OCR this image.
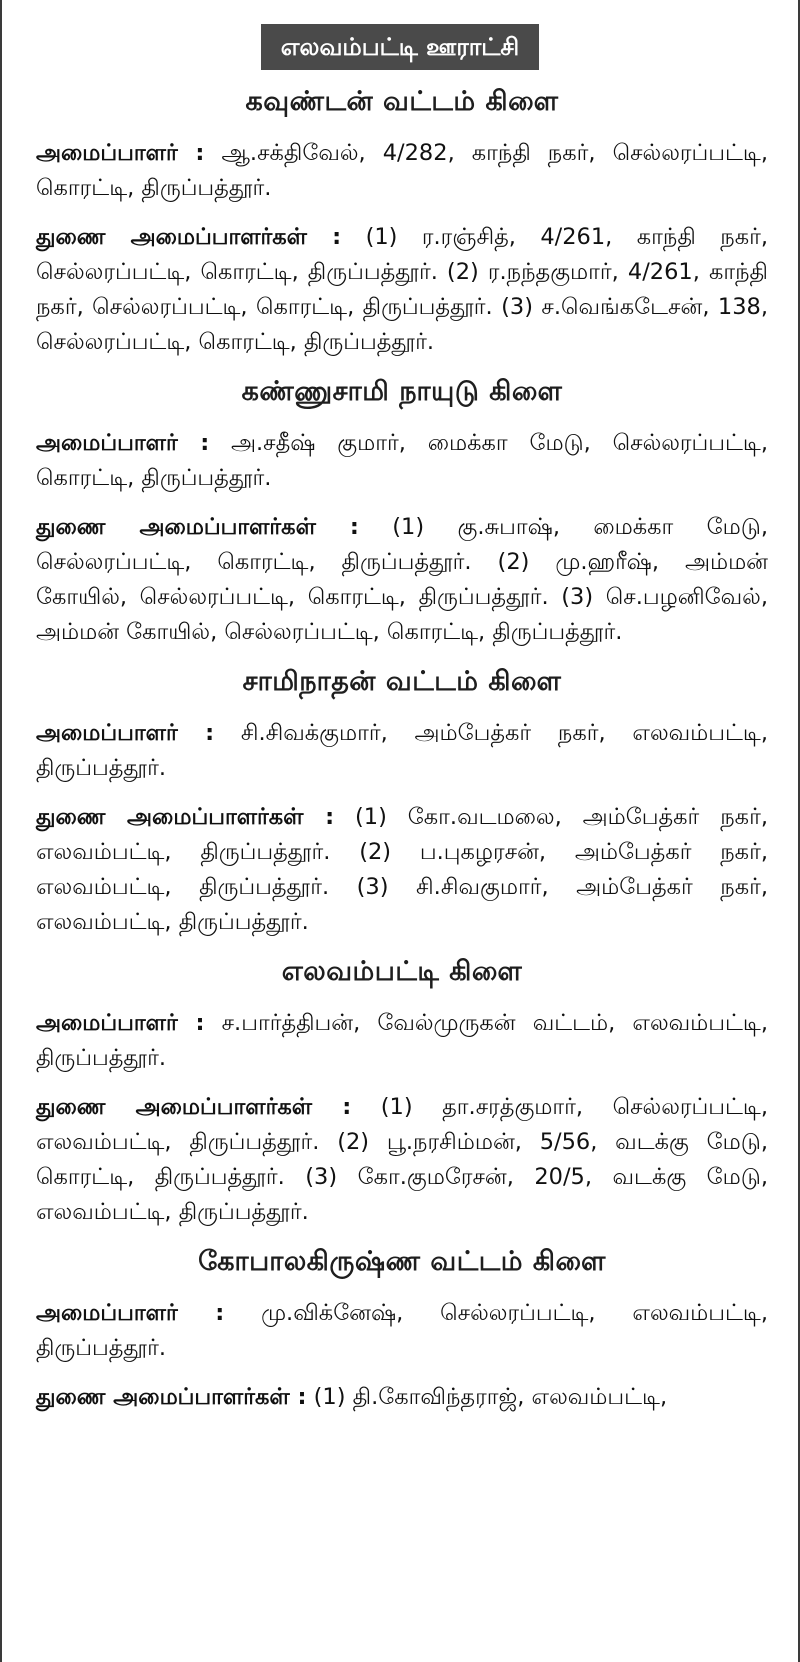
எலவம்பட்டி ஊராட்சி
கவுண்டன் வட்டம் கிளை

அமைப்பாளர் : ஆ.சக்திவேல், 4/282, காந்தி நகர், செல்லரப்பட்டி, கொரட்டி, திருப்பத்தூர்.

துணை அமைப்பாளர்கள் : (1) ர.ரஞ்சித், 4/261, காந்தி நகர், செல்லரப்பட்டி, கொரட்டி, திருப்பத்தூர். (2) ர.நந்தகுமார், 4/261, காந்தி நகர், செல்லரப்பட்டி, கொரட்டி, திருப்பத்தூர். (3) ச.வெங்கடேசன், 138, செல்லரப்பட்டி, கொரட்டி, திருப்பத்தூர்.

கண்ணுசாமி நாயுடு கிளை

அமைப்பாளர் : அ.சதீஷ் குமார், மைக்கா மேடு, செல்லரப்பட்டி, கொரட்டி, திருப்பத்தூர்.

துணை அமைப்பாளர்கள் : (1) கு.சுபாஷ், மைக்கா மேடு, செல்லரப்பட்டி, கொரட்டி, திருப்பத்தூர். (2) மு.ஹரீஷ், அம்மன் கோயில், செல்லரப்பட்டி, கொரட்டி, திருப்பத்தூர். (3) செ.பழனிவேல், அம்மன் கோயில், செல்லரப்பட்டி, கொரட்டி, திருப்பத்தூர்.

சாமிநாதன் வட்டம் கிளை

அமைப்பாளர் : சி.சிவக்குமார், அம்பேத்கர் நகர், எலவம்பட்டி, திருப்பத்தூர்.

துணை அமைப்பாளர்கள் : (1) கோ.வடமலை, அம்பேத்கர் நகர், எலவம்பட்டி, திருப்பத்தூர். (2) ப.புகழரசன், அம்பேத்கர் நகர், எலவம்பட்டி, திருப்பத்தூர். (3) சி.சிவகுமார், அம்பேத்கர் நகர், எலவம்பட்டி, திருப்பத்தூர்.

எலவம்பட்டி கிளை

அமைப்பாளர் : ச.பார்த்திபன், வேல்முருகன் வட்டம், எலவம்பட்டி, திருப்பத்தூர்.

துணை அமைப்பாளர்கள் : (1) தா.சரத்குமார், செல்லரப்பட்டி, எலவம்பட்டி, திருப்பத்தூர். (2) பூ.நரசிம்மன், 5/56, வடக்கு மேடு, கொரட்டி, திருப்பத்தூர். (3) கோ.குமரேசன், 20/5, வடக்கு மேடு, எலவம்பட்டி, திருப்பத்தூர்.

கோபாலகிருஷ்ண வட்டம் கிளை

அமைப்பாளர் : மு.விக்னேஷ், செல்லரப்பட்டி, எலவம்பட்டி, திருப்பத்தூர்.

துணை அமைப்பாளர்கள் : (1) தி.கோவிந்தராஜ், எலவம்பட்டி,
